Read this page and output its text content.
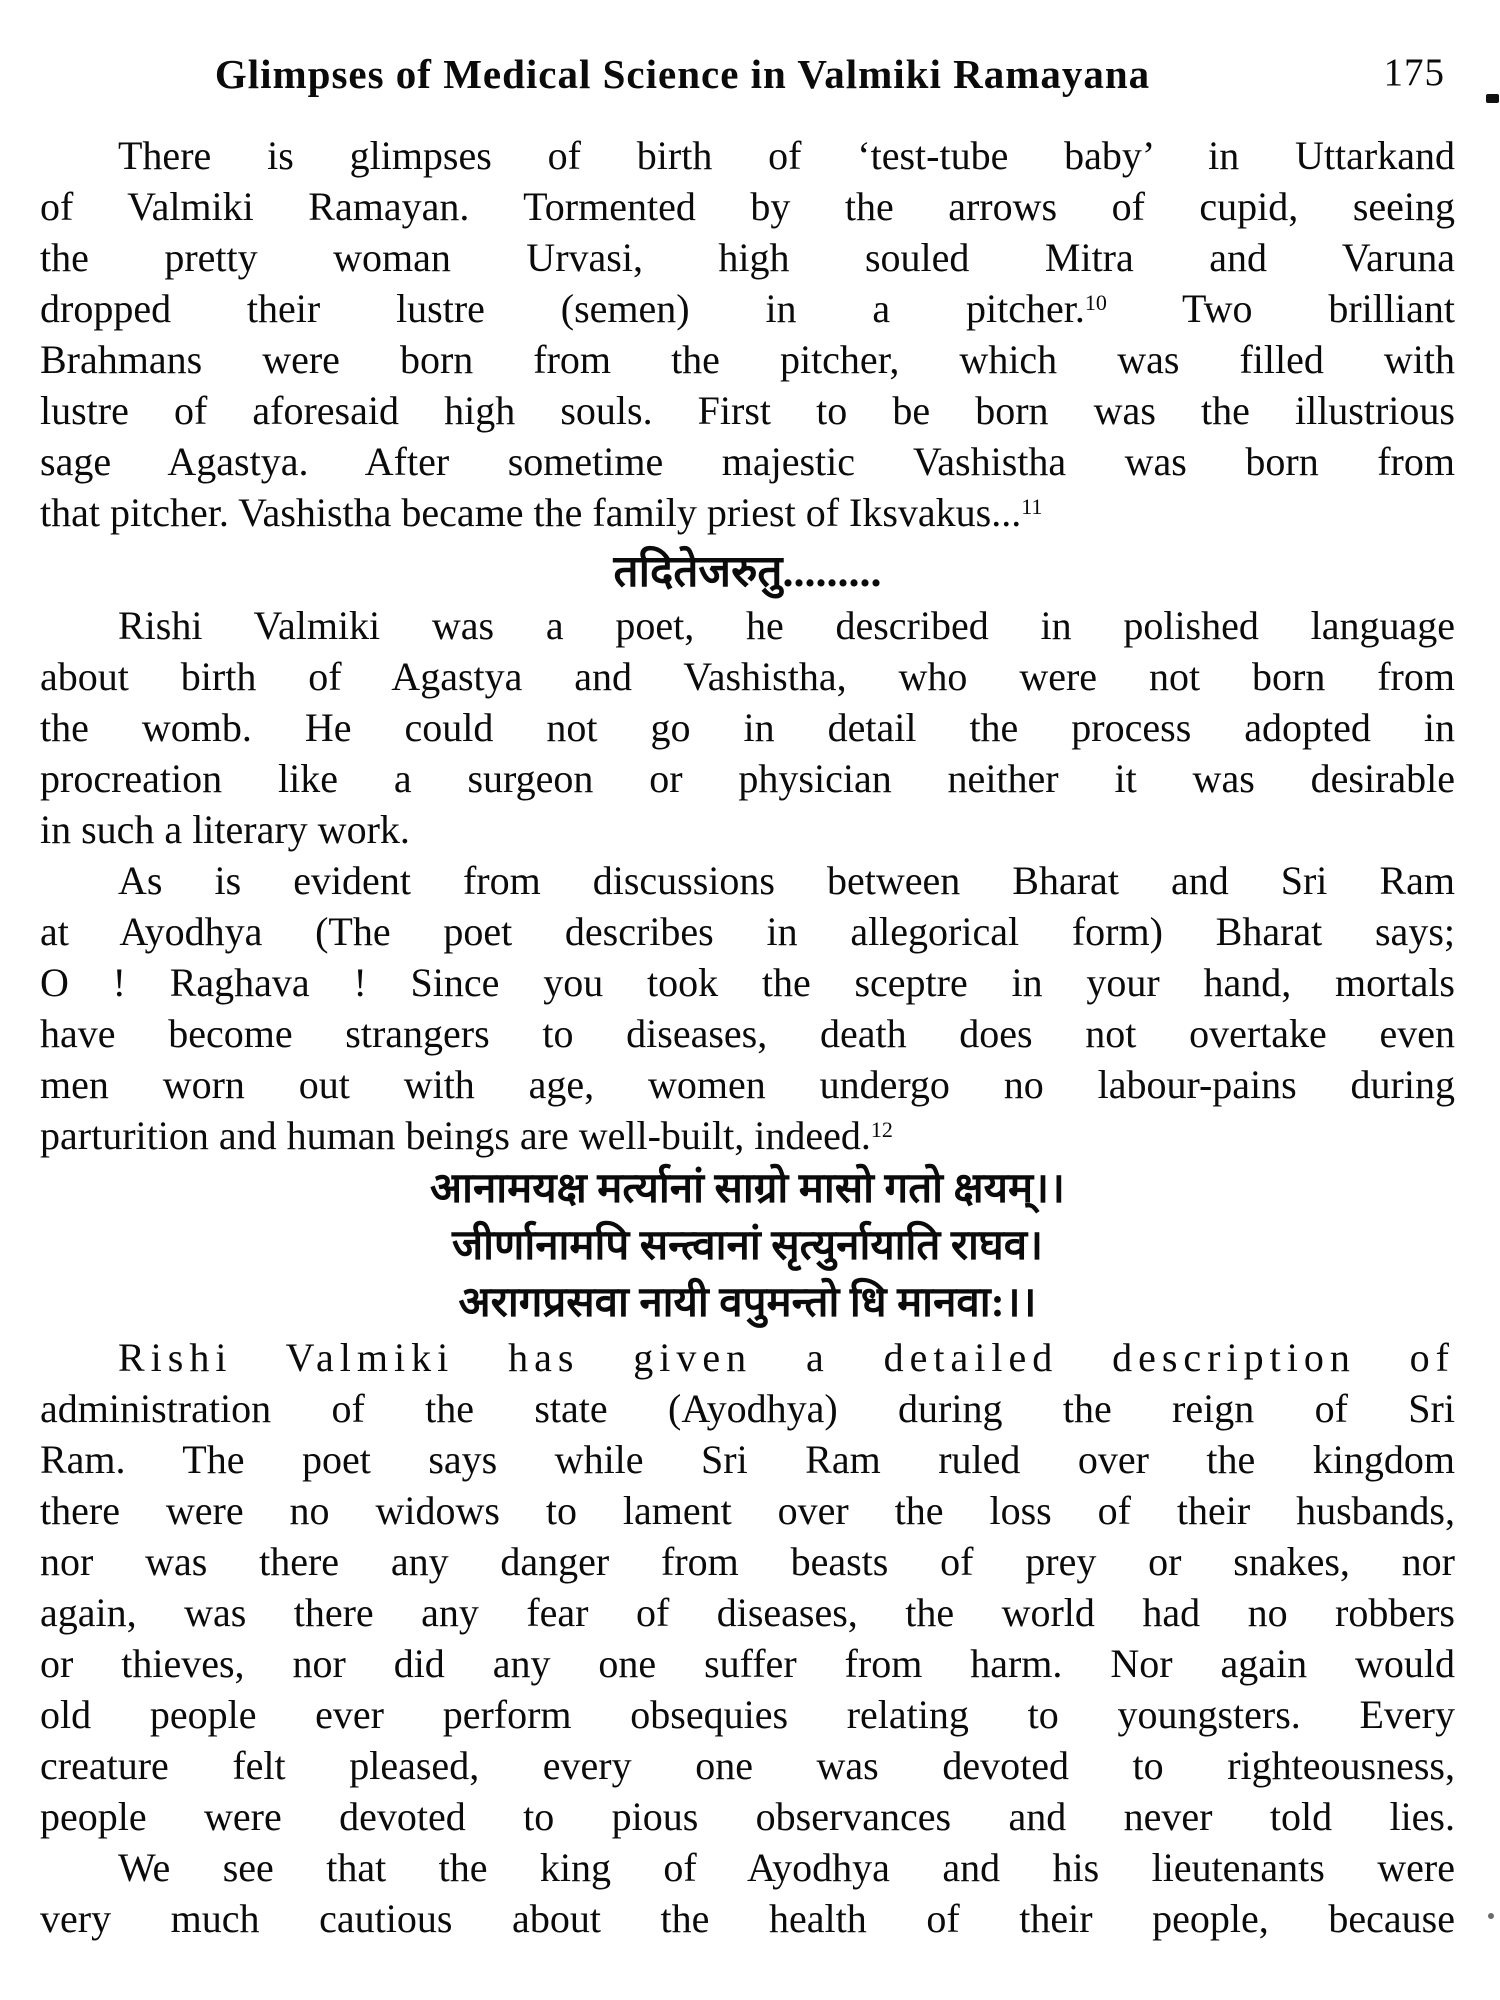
Glimpses of Medical Science in Valmiki Ramayana	175
There is glimpses of birth of ‘test-tube baby’ in Uttarkand
of Valmiki Ramayan. Tormented by the arrows of cupid, seeing
the pretty woman Urvasi, high souled Mitra and Varuna
dropped their lustre (semen) in a pitcher.$^{10}$ Two brilliant
Brahmans were born from the pitcher, which was filled with
lustre of aforesaid high souls. First to be born was the illustrious
sage Agastya. After sometime majestic Vashistha was born from
that pitcher. Vashistha became the family priest of Iksvakus...$^{11}$
तदितेजरुतु.........
Rishi Valmiki was a poet, he described in polished language
about birth of Agastya and Vashistha, who were not born from
the womb. He could not go in detail the process adopted in
procreation like a surgeon or physician neither it was desirable
in such a literary work.
As is evident from discussions between Bharat and Sri Ram
at Ayodhya (The poet describes in allegorical form) Bharat says;
O ! Raghava ! Since you took the sceptre in your hand, mortals
have become strangers to diseases, death does not overtake even
men worn out with age, women undergo no labour-pains during
parturition and human beings are well-built, indeed.$^{12}$
आनामयक्ष मर्त्यानां साग्रो मासो गतो क्षयम्।।
जीर्णानामपि सन्त्वानां सृत्युर्नायाति राघव।
अरागप्रसवा नायी वपुमन्तो धि मानवा:।।
Rishi Valmiki has given a detailed description of
administration of the state (Ayodhya) during the reign of Sri
Ram. The poet says while Sri Ram ruled over the kingdom
there were no widows to lament over the loss of their husbands,
nor was there any danger from beasts of prey or snakes, nor
again, was there any fear of diseases, the world had no robbers
or thieves, nor did any one suffer from harm. Nor again would
old people ever perform obsequies relating to youngsters. Every
creature felt pleased, every one was devoted to righteousness,
people were devoted to pious observances and never told lies.
We see that the king of Ayodhya and his lieutenants were
very much cautious about the health of their people, because
